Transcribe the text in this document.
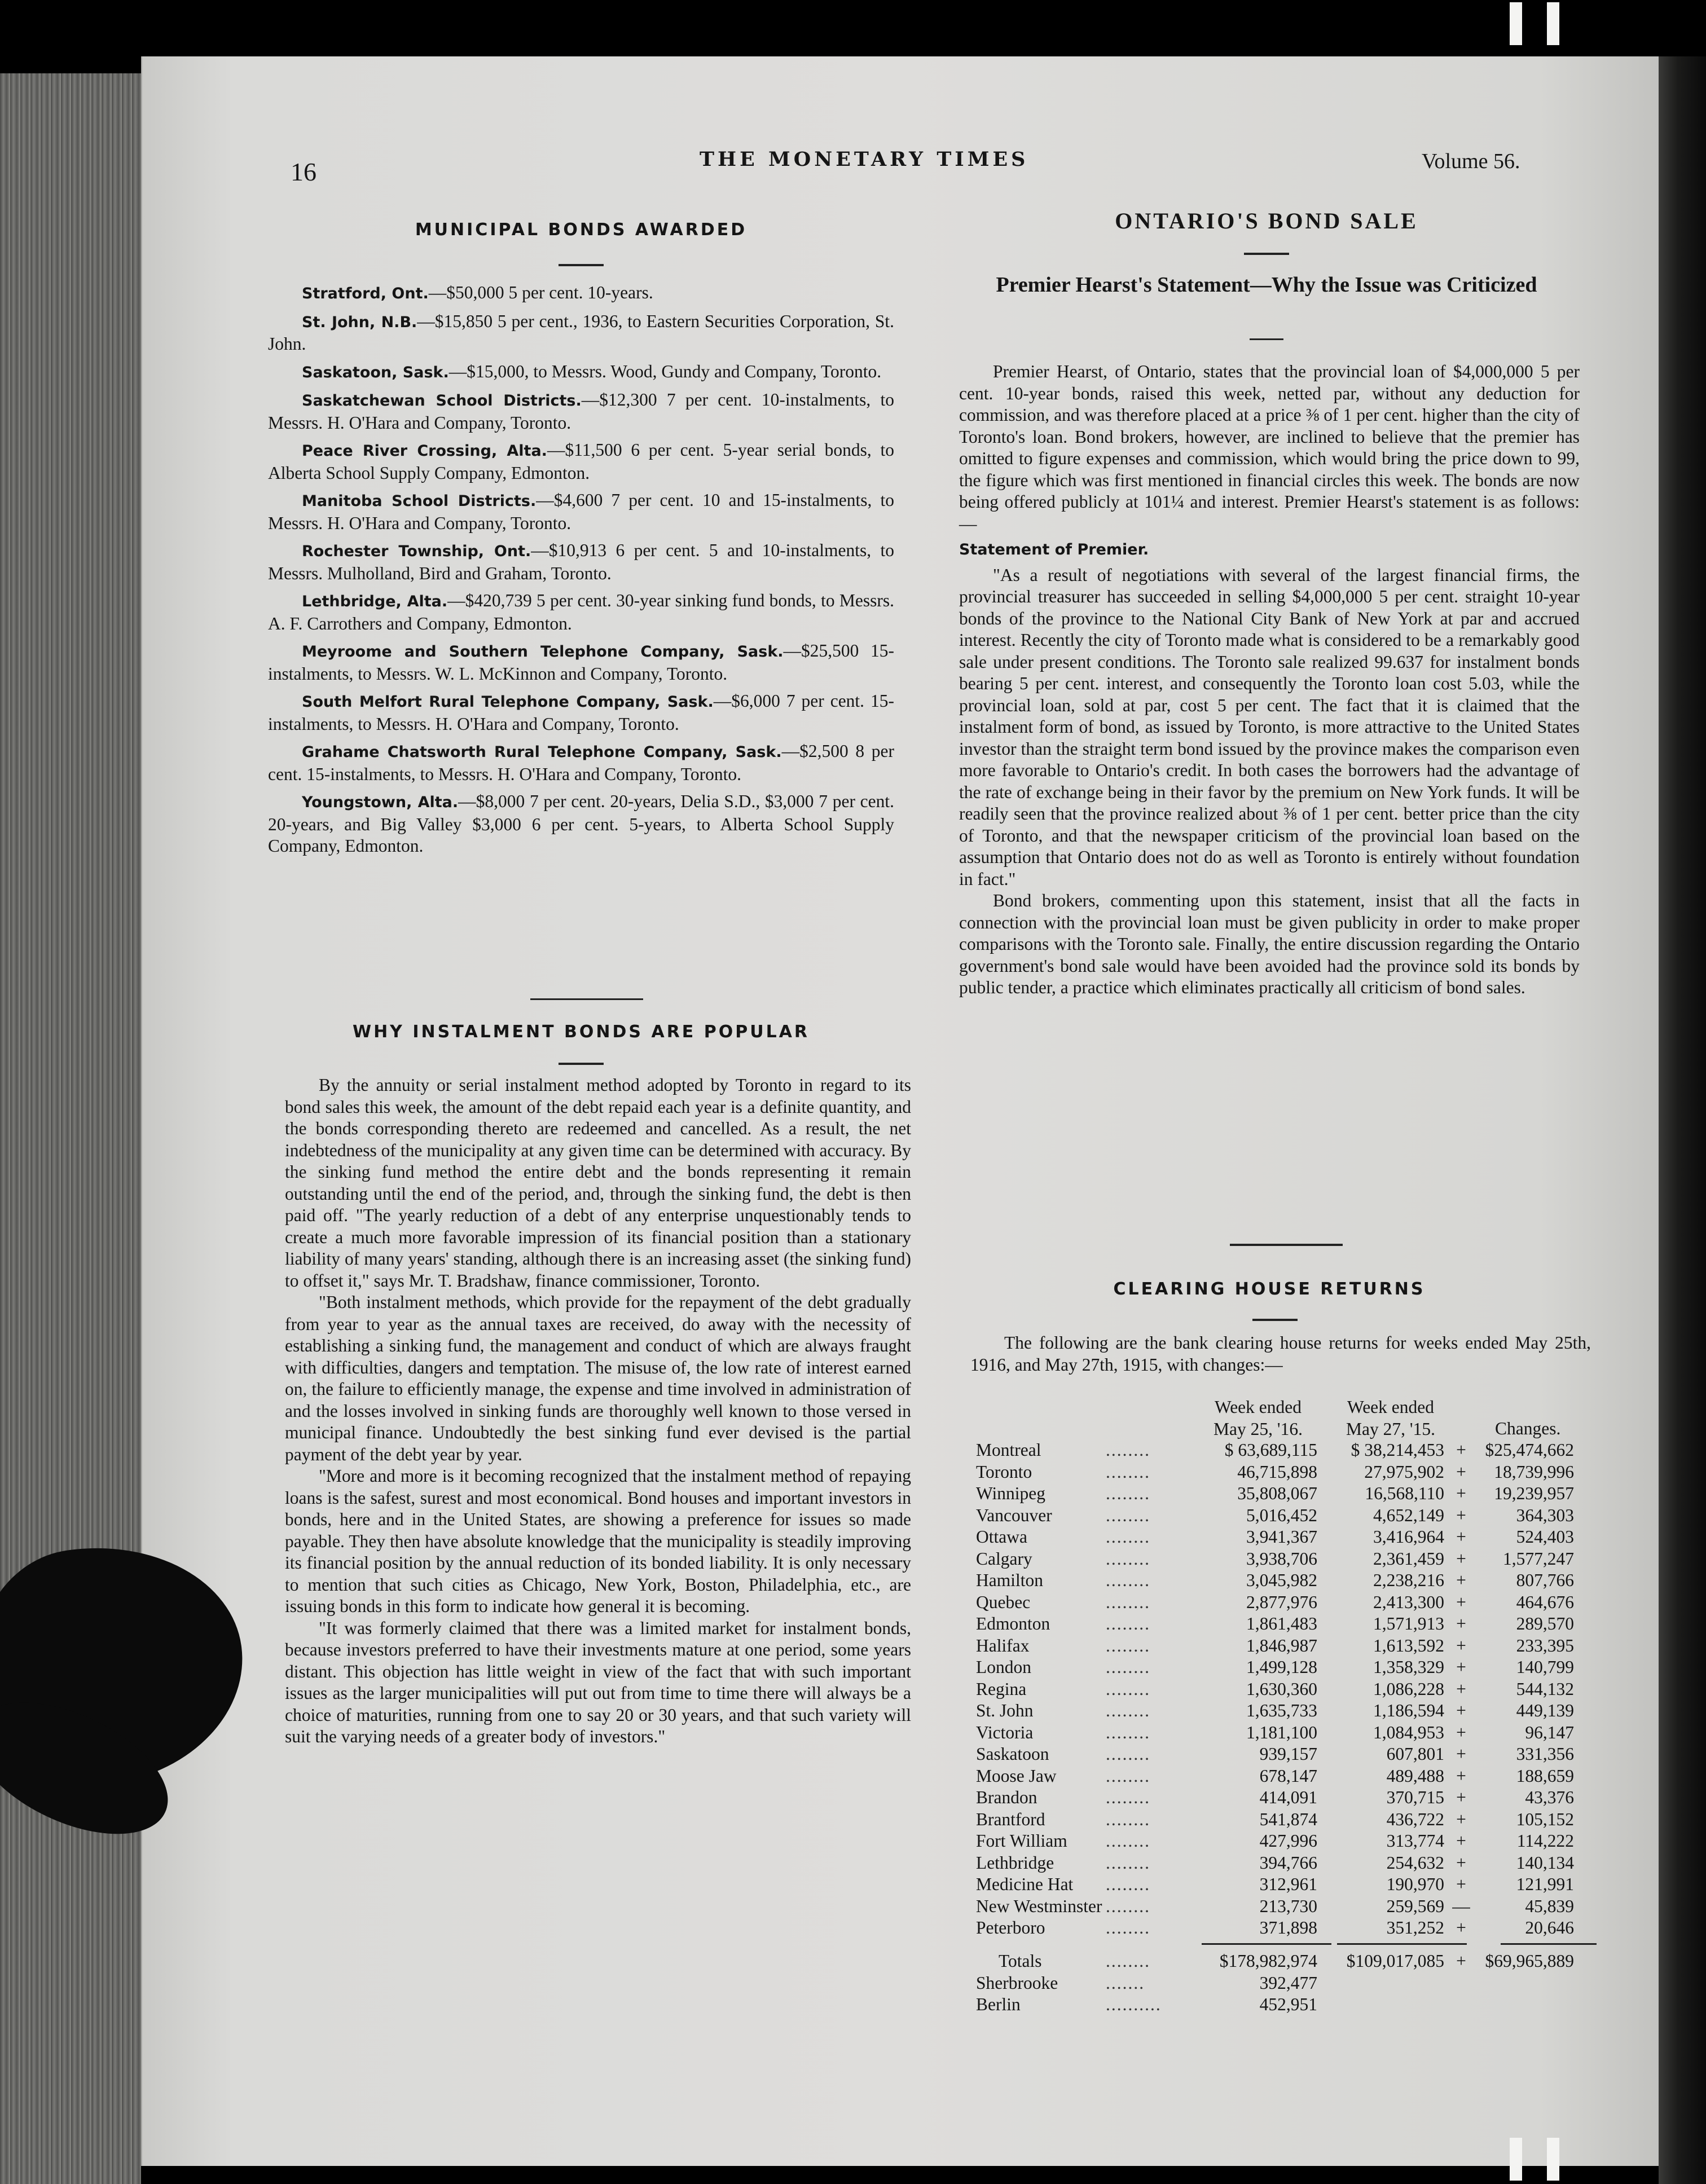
16	THE MONETARY TIMES	Volume 56.
MUNICIPAL BONDS AWARDED

Stratford, Ont.—$50,000 5 per cent. 10-years.

St. John, N.B.—$15,850 5 per cent., 1936, to Eastern Securities Corporation, St. John.

Saskatoon, Sask.—$15,000, to Messrs. Wood, Gundy and Company, Toronto.

Saskatchewan School Districts.—$12,300 7 per cent. 10-instalments, to Messrs. H. O'Hara and Company, Toronto.

Peace River Crossing, Alta.—$11,500 6 per cent. 5-year serial bonds, to Alberta School Supply Company, Edmonton.

Manitoba School Districts.—$4,600 7 per cent. 10 and 15-instalments, to Messrs. H. O'Hara and Company, Toronto.

Rochester Township, Ont.—$10,913 6 per cent. 5 and 10-instalments, to Messrs. Mulholland, Bird and Graham, Toronto.

Lethbridge, Alta.—$420,739 5 per cent. 30-year sinking fund bonds, to Messrs. A. F. Carrothers and Company, Edmonton.

Meyroome and Southern Telephone Company, Sask.—$25,500 15-instalments, to Messrs. W. L. McKinnon and Company, Toronto.

South Melfort Rural Telephone Company, Sask.—$6,000 7 per cent. 15-instalments, to Messrs. H. O'Hara and Company, Toronto.

Grahame Chatsworth Rural Telephone Company, Sask.—$2,500 8 per cent. 15-instalments, to Messrs. H. O'Hara and Company, Toronto.

Youngstown, Alta.—$8,000 7 per cent. 20-years, Delia S.D., $3,000 7 per cent. 20-years, and Big Valley $3,000 6 per cent. 5-years, to Alberta School Supply Company, Edmonton.

WHY INSTALMENT BONDS ARE POPULAR

By the annuity or serial instalment method adopted by Toronto in regard to its bond sales this week, the amount of the debt repaid each year is a definite quantity, and the bonds corresponding thereto are redeemed and cancelled. As a result, the net indebtedness of the municipality at any given time can be determined with accuracy. By the sinking fund method the entire debt and the bonds representing it remain outstanding until the end of the period, and, through the sinking fund, the debt is then paid off. "The yearly reduction of a debt of any enterprise unquestionably tends to create a much more favorable impression of its financial position than a stationary liability of many years' standing, although there is an increasing asset (the sinking fund) to offset it," says Mr. T. Bradshaw, finance commissioner, Toronto.

"Both instalment methods, which provide for the repayment of the debt gradually from year to year as the annual taxes are received, do away with the necessity of establishing a sinking fund, the management and conduct of which are always fraught with difficulties, dangers and temptation. The misuse of, the low rate of interest earned on, the failure to efficiently manage, the expense and time involved in administration of and the losses involved in sinking funds are thoroughly well known to those versed in municipal finance. Undoubtedly the best sinking fund ever devised is the partial payment of the debt year by year.

"More and more is it becoming recognized that the instalment method of repaying loans is the safest, surest and most economical. Bond houses and important investors in bonds, here and in the United States, are showing a preference for issues so made payable. They then have absolute knowledge that the municipality is steadily improving its financial position by the annual reduction of its bonded liability. It is only necessary to mention that such cities as Chicago, New York, Boston, Philadelphia, etc., are issuing bonds in this form to indicate how general it is becoming.

"It was formerly claimed that there was a limited market for instalment bonds, because investors preferred to have their investments mature at one period, some years distant. This objection has little weight in view of the fact that with such important issues as the larger municipalities will put out from time to time there will always be a choice of maturities, running from one to say 20 or 30 years, and that such variety will suit the varying needs of a greater body of investors."

ONTARIO'S BOND SALE
Premier Hearst's Statement—Why the Issue was Criticized

Premier Hearst, of Ontario, states that the provincial loan of $4,000,000 5 per cent. 10-year bonds, raised this week, netted par, without any deduction for commission, and was therefore placed at a price ⅜ of 1 per cent. higher than the city of Toronto's loan. Bond brokers, however, are inclined to believe that the premier has omitted to figure expenses and commission, which would bring the price down to 99, the figure which was first mentioned in financial circles this week. The bonds are now being offered publicly at 101¼ and interest. Premier Hearst's statement is as follows:—

Statement of Premier.

"As a result of negotiations with several of the largest financial firms, the provincial treasurer has succeeded in selling $4,000,000 5 per cent. straight 10-year bonds of the province to the National City Bank of New York at par and accrued interest. Recently the city of Toronto made what is considered to be a remarkably good sale under present conditions. The Toronto sale realized 99.637 for instalment bonds bearing 5 per cent. interest, and consequently the Toronto loan cost 5.03, while the provincial loan, sold at par, cost 5 per cent. The fact that it is claimed that the instalment form of bond, as issued by Toronto, is more attractive to the United States investor than the straight term bond issued by the province makes the comparison even more favorable to Ontario's credit. In both cases the borrowers had the advantage of the rate of exchange being in their favor by the premium on New York funds. It will be readily seen that the province realized about ⅜ of 1 per cent. better price than the city of Toronto, and that the newspaper criticism of the provincial loan based on the assumption that Ontario does not do as well as Toronto is entirely without foundation in fact."

Bond brokers, commenting upon this statement, insist that all the facts in connection with the provincial loan must be given publicity in order to make proper comparisons with the Toronto sale. Finally, the entire discussion regarding the Ontario government's bond sale would have been avoided had the province sold its bonds by public tender, a practice which eliminates practically all criticism of bond sales.

CLEARING HOUSE RETURNS

The following are the bank clearing house returns for weeks ended May 25th, 1916, and May 27th, 1915, with changes:—

Week ended
May 25, '16.
Week ended
May 27, '15.	Changes.
Montreal	........	$ 63,689,115	$ 38,214,453	+	$25,474,662
Toronto	........	46,715,898	27,975,902	+	18,739,996
Winnipeg	........	35,808,067	16,568,110	+	19,239,957
Vancouver	........	5,016,452	4,652,149	+	364,303
Ottawa	........	3,941,367	3,416,964	+	524,403
Calgary	........	3,938,706	2,361,459	+	1,577,247
Hamilton	........	3,045,982	2,238,216	+	807,766
Quebec	........	2,877,976	2,413,300	+	464,676
Edmonton	........	1,861,483	1,571,913	+	289,570
Halifax	........	1,846,987	1,613,592	+	233,395
London	........	1,499,128	1,358,329	+	140,799
Regina	........	1,630,360	1,086,228	+	544,132
St. John	........	1,635,733	1,186,594	+	449,139
Victoria	........	1,181,100	1,084,953	+	96,147
Saskatoon	........	939,157	607,801	+	331,356
Moose Jaw	........	678,147	489,488	+	188,659
Brandon	........	414,091	370,715	+	43,376
Brantford	........	541,874	436,722	+	105,152
Fort William	........	427,996	313,774	+	114,222
Lethbridge	........	394,766	254,632	+	140,134
Medicine Hat	........	312,961	190,970	+	121,991
New Westminster	........	213,730	259,569	—	45,839
Peterboro	........	371,898	351,252	+	20,646
Totals	........	$178,982,974	$109,017,085	+	$69,965,889
Sherbrooke	.......	392,477			
Berlin	..........	452,951			
